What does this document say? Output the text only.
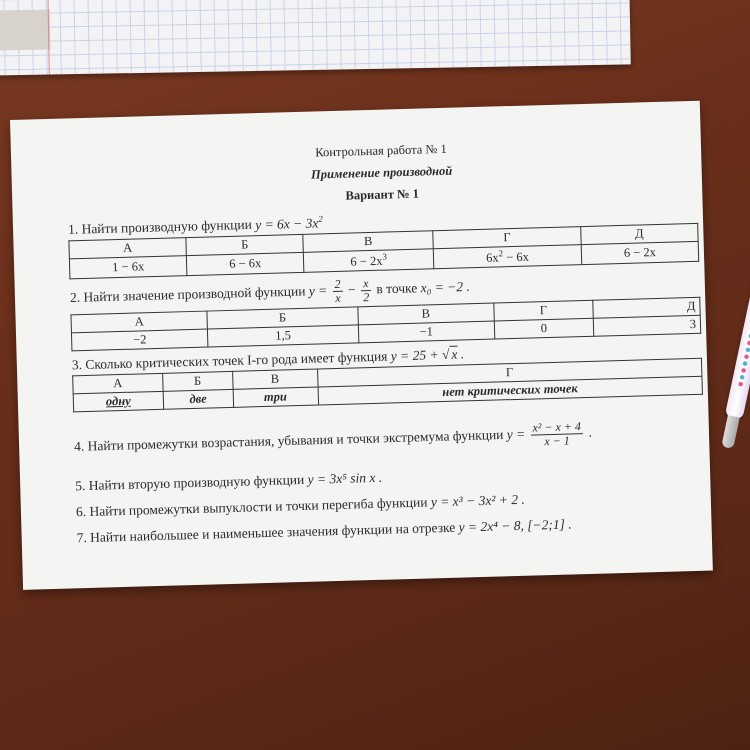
Контрольная работа № 1
Применение производной
Вариант № 1
1. Найти производную функции $y = 6x - 3x^2$
А	Б	В	Г	Д
1 − 6x	6 − 6x	$6 - 2x^3$	$6x^2 - 6x$	6 − 2x
2. Найти значение производной функции $y = \frac{2}{x} - \frac{x}{2}$ в точке x₀ = −2 .
А	Б	В	Г	Д
−2	1,5	−1	0	3
3. Сколько критических точек I-го рода имеет функция y = 25 + √ x .
А	Б	В	Г
одну	две	три	нет критических точек
4. Найти промежутки возрастания, убывания и точки экстремума функции $y = \frac{\text{x² − x + 4}}{x - 1}$ .
5. Найти вторую производную функции y = 3x⁵ sin x .
6. Найти промежутки выпуклости и точки перегиба функции y = x³ − 3x² + 2 .
7. Найти наибольшее и наименьшее значения функции на отрезке y = 2x⁴ − 8, [−2;1] .
